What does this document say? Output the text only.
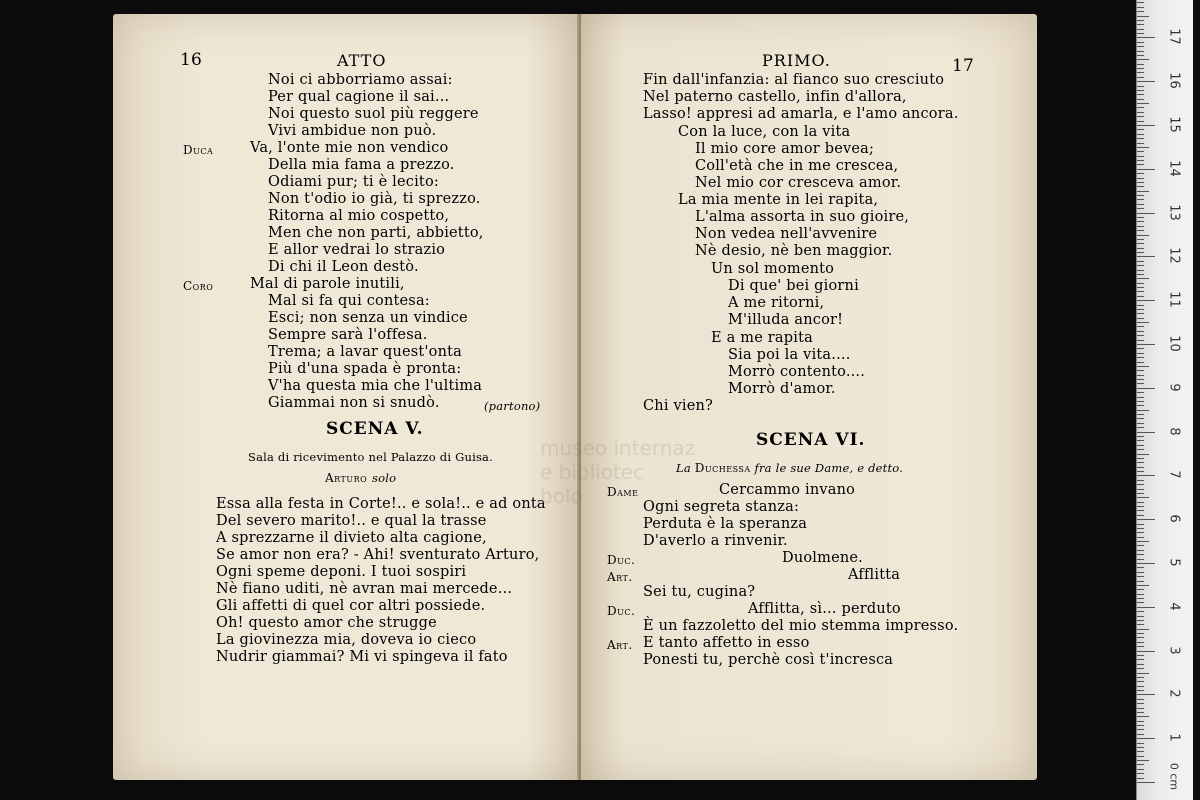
16	ATTO
Noi ci abborriamo assai:
Per qual cagione il sai...
Noi questo suol più reggere
Vivi ambidue non può.
Duca	Va, l'onte mie non vendico
Della mia fama a prezzo.
Odiami pur; ti è lecito:
Non t'odio io già, ti sprezzo.
Ritorna al mio cospetto,
Men che non parti, abbietto,
E allor vedrai lo strazio
Di chi il Leon destò.
Coro	Mal di parole inutili,
Mal si fa qui contesa:
Esci; non senza un vindice
Sempre sarà l'offesa.
Trema; a lavar quest'onta
Più d'una spada è pronta:
V'ha questa mia che l'ultima
Giammai non si snudò.	(partono)
SCENA V.
Sala di ricevimento nel Palazzo di Guisa.
Arturo solo
Essa alla festa in Corte!.. e sola!.. e ad onta
Del severo marito!.. e qual la trasse
A sprezzarne il divieto alta cagione,
Se amor non era? - Ahi! sventurato Arturo,
Ogni speme deponi. I tuoi sospiri
Nè fiano uditi, nè avran mai mercede...
Gli affetti di quel cor altri possiede.
Oh! questo amor che strugge
La giovinezza mia, doveva io cieco
Nudrir giammai? Mi vi spingeva il fato
PRIMO.	17
Fin dall'infanzia: al fianco suo cresciuto
Nel paterno castello, infin d'allora,
Lasso! appresi ad amarla, e l'amo ancora.
Con la luce, con la vita
Il mio core amor bevea;
Coll'età che in me crescea,
Nel mio cor cresceva amor.
La mia mente in lei rapita,
L'alma assorta in suo gioire,
Non vedea nell'avvenire
Nè desio, nè ben maggior.
Un sol momento
Di que' bei giorni
A me ritorni,
M'illuda ancor!
E a me rapita
Sia poi la vita....
Morrò contento....
Morrò d'amor.
Chi vien?
SCENA VI.
La Duchessa fra le sue Dame, e detto.
Dame	Cercammo invano
Ogni segreta stanza:
Perduta è la speranza
D'averlo a rinvenir.
Duc.	Duolmene.
Art.	Afflitta
Sei tu, cugina?
Duc.	Afflitta, sì... perduto
È un fazzoletto del mio stemma impresso.
Art. E tanto affetto in esso
Ponesti tu, perchè così t'incresca
museo internaz
e bibliotec
bolo
0 cm
17
16
15
14
13
12
11
10
9
8
7
6
5
4
3
2
1
